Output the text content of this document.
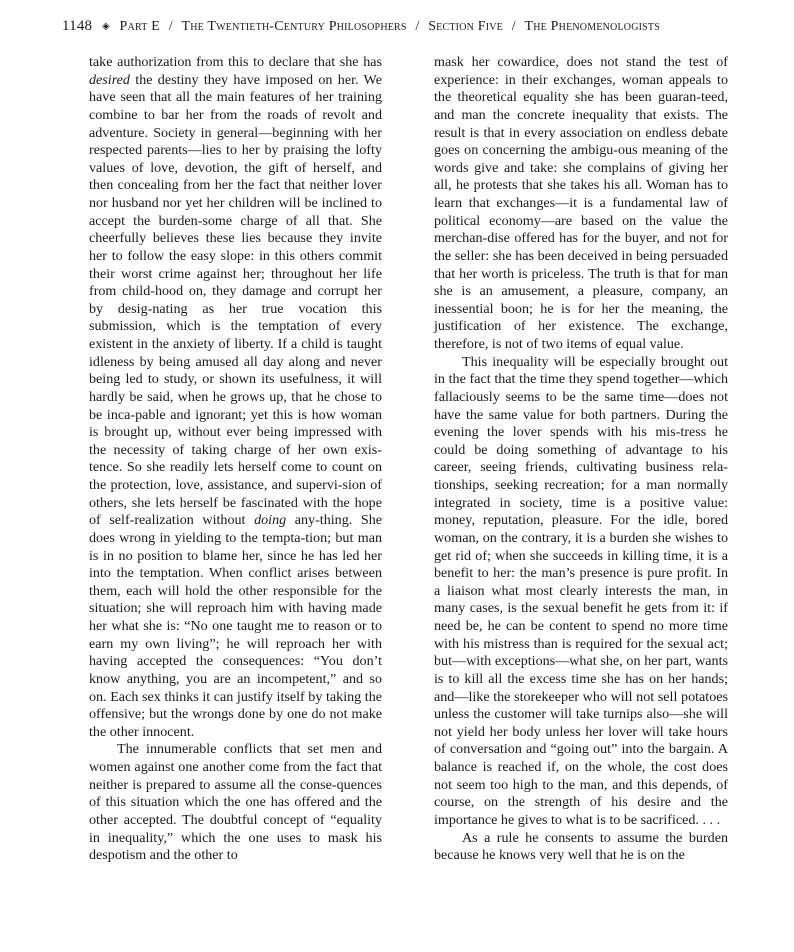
1148 ◈ Part E / The Twentieth-Century Philosophers / Section Five / The Phenomenologists

take authorization from this to declare that she has desired the destiny they have imposed on her. We have seen that all the main features of her training combine to bar her from the roads of revolt and adventure. Society in general—beginning with her respected parents—lies to her by praising the lofty values of love, devotion, the gift of herself, and then concealing from her the fact that neither lover nor husband nor yet her children will be inclined to accept the burden-some charge of all that. She cheerfully believes these lies because they invite her to follow the easy slope: in this others commit their worst crime against her; throughout her life from child-hood on, they damage and corrupt her by desig-nating as her true vocation this submission, which is the temptation of every existent in the anxiety of liberty. If a child is taught idleness by being amused all day along and never being led to study, or shown its usefulness, it will hardly be said, when he grows up, that he chose to be inca-pable and ignorant; yet this is how woman is brought up, without ever being impressed with the necessity of taking charge of her own exis-tence. So she readily lets herself come to count on the protection, love, assistance, and supervi-sion of others, she lets herself be fascinated with the hope of self-realization without doing any-thing. She does wrong in yielding to the tempta-tion; but man is in no position to blame her, since he has led her into the temptation. When conflict arises between them, each will hold the other responsible for the situation; she will reproach him with having made her what she is: “No one taught me to reason or to earn my own living”; he will reproach her with having accepted the consequences: “You don’t know anything, you are an incompetent,” and so on. Each sex thinks it can justify itself by taking the offensive; but the wrongs done by one do not make the other innocent.

The innumerable conflicts that set men and women against one another come from the fact that neither is prepared to assume all the conse-quences of this situation which the one has offered and the other accepted. The doubtful concept of “equality in inequality,” which the one uses to mask his despotism and the other to

mask her cowardice, does not stand the test of experience: in their exchanges, woman appeals to the theoretical equality she has been guaran-teed, and man the concrete inequality that exists. The result is that in every association on endless debate goes on concerning the ambigu-ous meaning of the words give and take: she complains of giving her all, he protests that she takes his all. Woman has to learn that exchanges—it is a fundamental law of political economy—are based on the value the merchan-dise offered has for the buyer, and not for the seller: she has been deceived in being persuaded that her worth is priceless. The truth is that for man she is an amusement, a pleasure, company, an inessential boon; he is for her the meaning, the justification of her existence. The exchange, therefore, is not of two items of equal value.

This inequality will be especially brought out in the fact that the time they spend together—which fallaciously seems to be the same time—does not have the same value for both partners. During the evening the lover spends with his mis-tress he could be doing something of advantage to his career, seeing friends, cultivating business rela-tionships, seeking recreation; for a man normally integrated in society, time is a positive value: money, reputation, pleasure. For the idle, bored woman, on the contrary, it is a burden she wishes to get rid of; when she succeeds in killing time, it is a benefit to her: the man’s presence is pure profit. In a liaison what most clearly interests the man, in many cases, is the sexual benefit he gets from it: if need be, he can be content to spend no more time with his mistress than is required for the sexual act; but—with exceptions—what she, on her part, wants is to kill all the excess time she has on her hands; and—like the storekeeper who will not sell potatoes unless the customer will take turnips also—she will not yield her body unless her lover will take hours of conversation and “going out” into the bargain. A balance is reached if, on the whole, the cost does not seem too high to the man, and this depends, of course, on the strength of his desire and the importance he gives to what is to be sacrificed. . . .

As a rule he consents to assume the burden because he knows very well that he is on the
